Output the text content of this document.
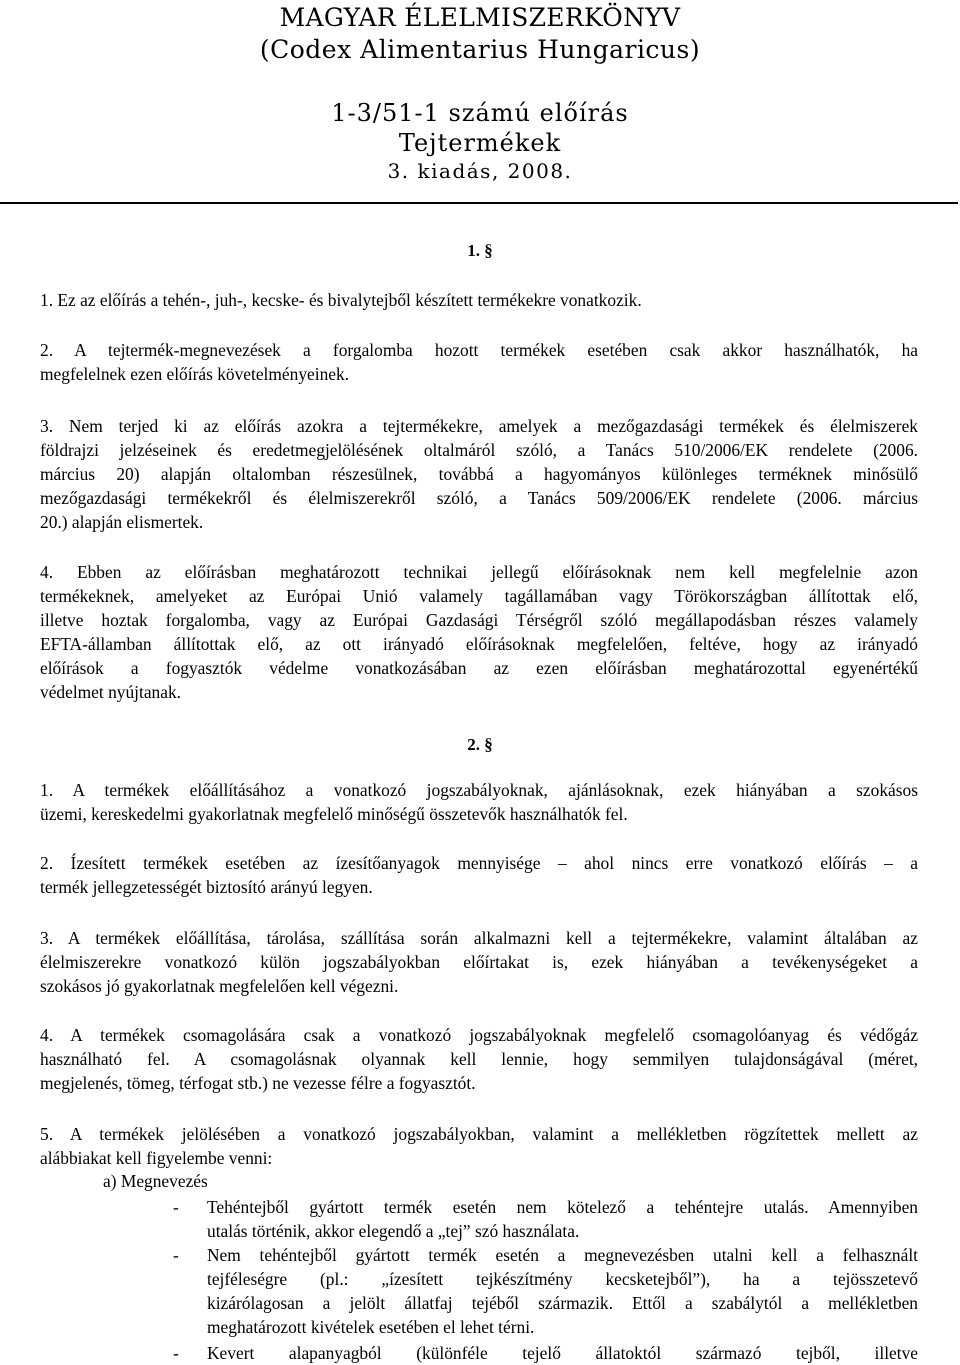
MAGYAR ÉLELMISZERKÖNYV
(Codex Alimentarius Hungaricus)
1-3/51-1 számú előírás
Tejtermékek
3. kiadás, 2008.
1. §
1. Ez az előírás a tehén-, juh-, kecske- és bivalytejből készített termékekre vonatkozik.
2. A tejtermék-megnevezések a forgalomba hozott termékek esetében csak akkor használhatók, ha
megfelelnek ezen előírás követelményeinek.
3. Nem terjed ki az előírás azokra a tejtermékekre, amelyek a mezőgazdasági termékek és élelmiszerek
földrajzi jelzéseinek és eredetmegjelölésének oltalmáról szóló, a Tanács 510/2006/EK rendelete (2006.
március 20) alapján oltalomban részesülnek, továbbá a hagyományos különleges terméknek minősülő
mezőgazdasági termékekről és élelmiszerekről szóló, a Tanács 509/2006/EK rendelete (2006. március
20.) alapján elismertek.
4. Ebben az előírásban meghatározott technikai jellegű előírásoknak nem kell megfelelnie azon
termékeknek, amelyeket az Európai Unió valamely tagállamában vagy Törökországban állítottak elő,
illetve hoztak forgalomba, vagy az Európai Gazdasági Térségről szóló megállapodásban részes valamely
EFTA-államban állítottak elő, az ott irányadó előírásoknak megfelelően, feltéve, hogy az irányadó
előírások a fogyasztók védelme vonatkozásában az ezen előírásban meghatározottal egyenértékű
védelmet nyújtanak.
2. §
1. A termékek előállításához a vonatkozó jogszabályoknak, ajánlásoknak, ezek hiányában a szokásos
üzemi, kereskedelmi gyakorlatnak megfelelő minőségű összetevők használhatók fel.
2. Ízesített termékek esetében az ízesítőanyagok mennyisége – ahol nincs erre vonatkozó előírás – a
termék jellegzetességét biztosító arányú legyen.
3. A termékek előállítása, tárolása, szállítása során alkalmazni kell a tejtermékekre, valamint általában az
élelmiszerekre vonatkozó külön jogszabályokban előírtakat is, ezek hiányában a tevékenységeket a
szokásos jó gyakorlatnak megfelelően kell végezni.
4. A termékek csomagolására csak a vonatkozó jogszabályoknak megfelelő csomagolóanyag és védőgáz
használható fel. A csomagolásnak olyannak kell lennie, hogy semmilyen tulajdonságával (méret,
megjelenés, tömeg, térfogat stb.) ne vezesse félre a fogyasztót.
5. A termékek jelölésében a vonatkozó jogszabályokban, valamint a mellékletben rögzítettek mellett az
alábbiakat kell figyelembe venni:
a) Megnevezés
- Tehéntejből gyártott termék esetén nem kötelező a tehéntejre utalás. Amennyiben
utalás történik, akkor elegendő a „tej” szó használata.
- Nem tehéntejből gyártott termék esetén a megnevezésben utalni kell a felhasznált
tejféleségre (pl.: „ízesített tejkészítmény kecsketejből”), ha a tejösszetevő
kizárólagosan a jelölt állatfaj tejéből származik. Ettől a szabálytól a mellékletben
meghatározott kivételek esetében el lehet térni.
- Kevert alapanyagból (különféle tejelő állatoktól származó tejből, illetve
